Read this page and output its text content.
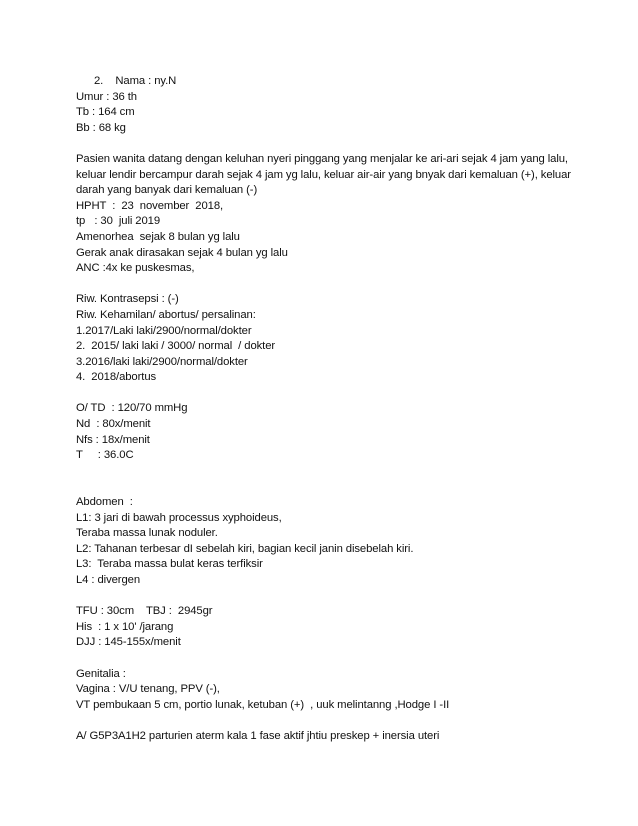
2.    Nama : ny.N
Umur : 36 th
Tb : 164 cm
Bb : 68 kg
Pasien wanita datang dengan keluhan nyeri pinggang yang menjalar ke ari-ari sejak 4 jam yang lalu, keluar lendir bercampur darah sejak 4 jam yg lalu, keluar air-air yang bnyak dari kemaluan (+), keluar darah yang banyak dari kemaluan (-)
HPHT  :  23  november  2018,
tp   : 30  juli 2019
Amenorhea  sejak 8 bulan yg lalu
Gerak anak dirasakan sejak 4 bulan yg lalu
ANC :4x ke puskesmas,
Riw. Kontrasepsi : (-)
Riw. Kehamilan/ abortus/ persalinan:
1.2017/Laki laki/2900/normal/dokter
2.  2015/ laki laki / 3000/ normal  / dokter
3.2016/laki laki/2900/normal/dokter
4.  2018/abortus
O/ TD  : 120/70 mmHg
Nd  : 80x/menit
Nfs : 18x/menit
T     : 36.0C
Abdomen  :
L1: 3 jari di bawah processus xyphoideus,
Teraba massa lunak noduler.
L2: Tahanan terbesar dI sebelah kiri, bagian kecil janin disebelah kiri.
L3:  Teraba massa bulat keras terfiksir
L4 : divergen
TFU : 30cm    TBJ :  2945gr
His  : 1 x 10' /jarang
DJJ : 145-155x/menit
Genitalia :
Vagina : V/U tenang, PPV (-),
VT pembukaan 5 cm, portio lunak, ketuban (+)  , uuk melintanng ,Hodge I -II
A/ G5P3A1H2 parturien aterm kala 1 fase aktif jhtiu preskep + inersia uteri
